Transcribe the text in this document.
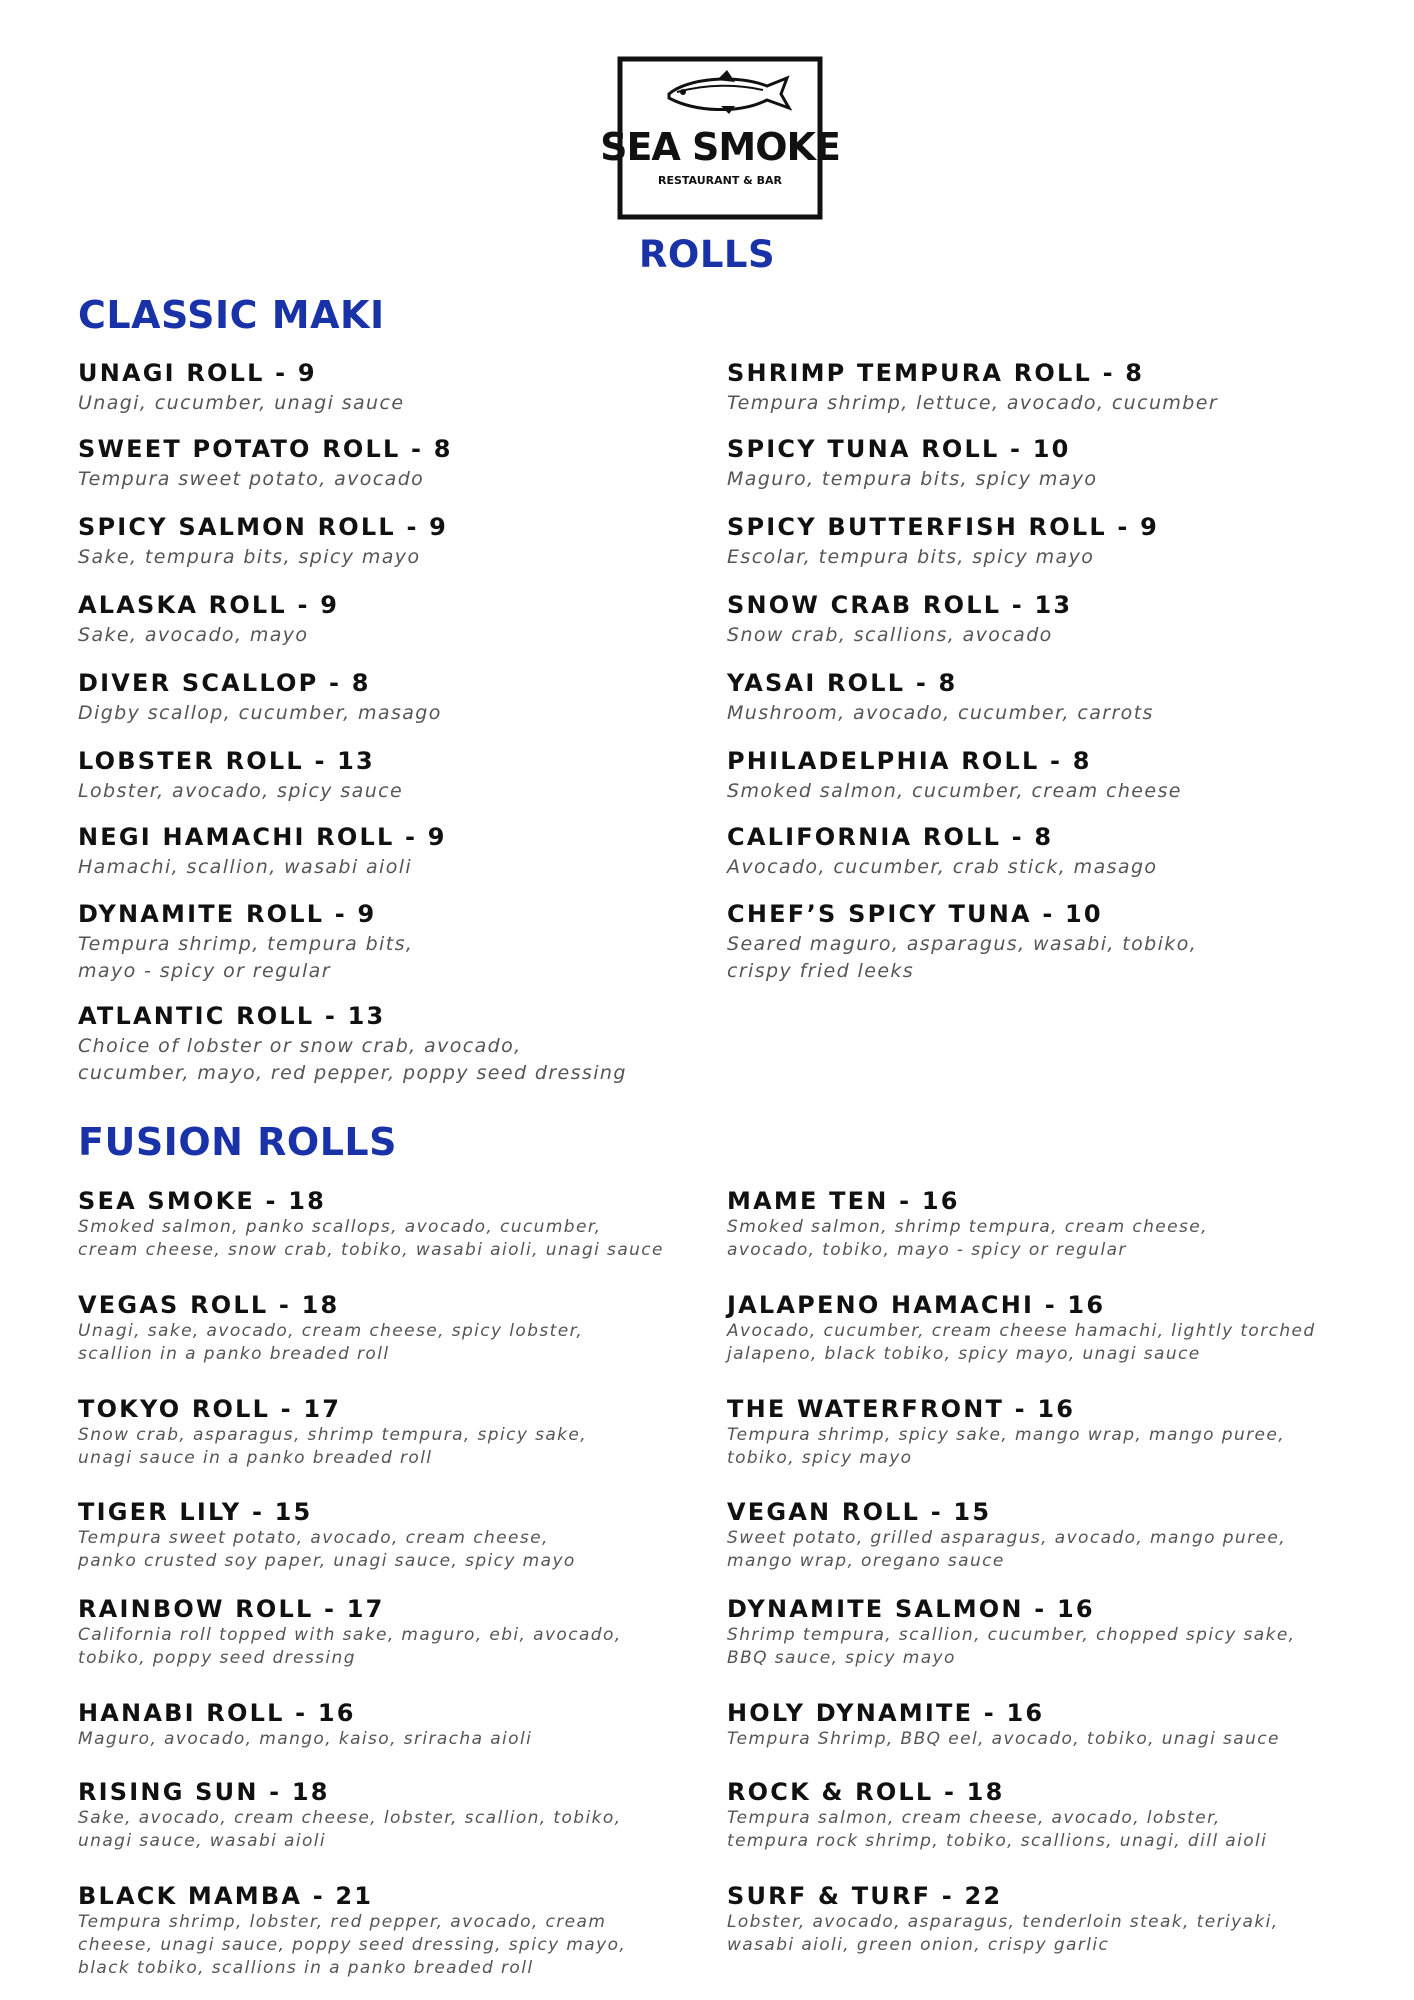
SEA SMOKE
RESTAURANT & BAR
ROLLS
CLASSIC MAKI
UNAGI ROLL - 9
Unagi, cucumber, unagi sauce
SWEET POTATO ROLL - 8
Tempura sweet potato, avocado
SPICY SALMON ROLL - 9
Sake, tempura bits, spicy mayo
ALASKA ROLL - 9
Sake, avocado, mayo
DIVER SCALLOP - 8
Digby scallop, cucumber, masago
LOBSTER ROLL - 13
Lobster, avocado, spicy sauce
NEGI HAMACHI ROLL - 9
Hamachi, scallion, wasabi aioli
DYNAMITE ROLL - 9
Tempura shrimp, tempura bits,
mayo - spicy or regular
ATLANTIC ROLL - 13
Choice of lobster or snow crab, avocado,
cucumber, mayo, red pepper, poppy seed dressing
SHRIMP TEMPURA ROLL - 8
Tempura shrimp, lettuce, avocado, cucumber
SPICY TUNA ROLL - 10
Maguro, tempura bits, spicy mayo
SPICY BUTTERFISH ROLL - 9
Escolar, tempura bits, spicy mayo
SNOW CRAB ROLL - 13
Snow crab, scallions, avocado
YASAI ROLL - 8
Mushroom, avocado, cucumber, carrots
PHILADELPHIA ROLL - 8
Smoked salmon, cucumber, cream cheese
CALIFORNIA ROLL - 8
Avocado, cucumber, crab stick, masago
CHEF’S SPICY TUNA - 10
Seared maguro, asparagus, wasabi, tobiko,
crispy fried leeks
FUSION ROLLS
SEA SMOKE - 18
Smoked salmon, panko scallops, avocado, cucumber,
cream cheese, snow crab, tobiko, wasabi aioli, unagi sauce
VEGAS ROLL - 18
Unagi, sake, avocado, cream cheese, spicy lobster,
scallion in a panko breaded roll
TOKYO ROLL - 17
Snow crab, asparagus, shrimp tempura, spicy sake,
unagi sauce in a panko breaded roll
TIGER LILY - 15
Tempura sweet potato, avocado, cream cheese,
panko crusted soy paper, unagi sauce, spicy mayo
RAINBOW ROLL - 17
California roll topped with sake, maguro, ebi, avocado,
tobiko, poppy seed dressing
HANABI ROLL - 16
Maguro, avocado, mango, kaiso, sriracha aioli
RISING SUN - 18
Sake, avocado, cream cheese, lobster, scallion, tobiko,
unagi sauce, wasabi aioli
BLACK MAMBA - 21
Tempura shrimp, lobster, red pepper, avocado, cream
cheese, unagi sauce, poppy seed dressing, spicy mayo,
black tobiko, scallions in a panko breaded roll
MAME TEN - 16
Smoked salmon, shrimp tempura, cream cheese,
avocado, tobiko, mayo - spicy or regular
JALAPENO HAMACHI - 16
Avocado, cucumber, cream cheese hamachi, lightly torched
jalapeno, black tobiko, spicy mayo, unagi sauce
THE WATERFRONT - 16
Tempura shrimp, spicy sake, mango wrap, mango puree,
tobiko, spicy mayo
VEGAN ROLL - 15
Sweet potato, grilled asparagus, avocado, mango puree,
mango wrap, oregano sauce
DYNAMITE SALMON - 16
Shrimp tempura, scallion, cucumber, chopped spicy sake,
BBQ sauce, spicy mayo
HOLY DYNAMITE - 16
Tempura Shrimp, BBQ eel, avocado, tobiko, unagi sauce
ROCK & ROLL - 18
Tempura salmon, cream cheese, avocado, lobster,
tempura rock shrimp, tobiko, scallions, unagi, dill aioli
SURF & TURF - 22
Lobster, avocado, asparagus, tenderloin steak, teriyaki,
wasabi aioli, green onion, crispy garlic
